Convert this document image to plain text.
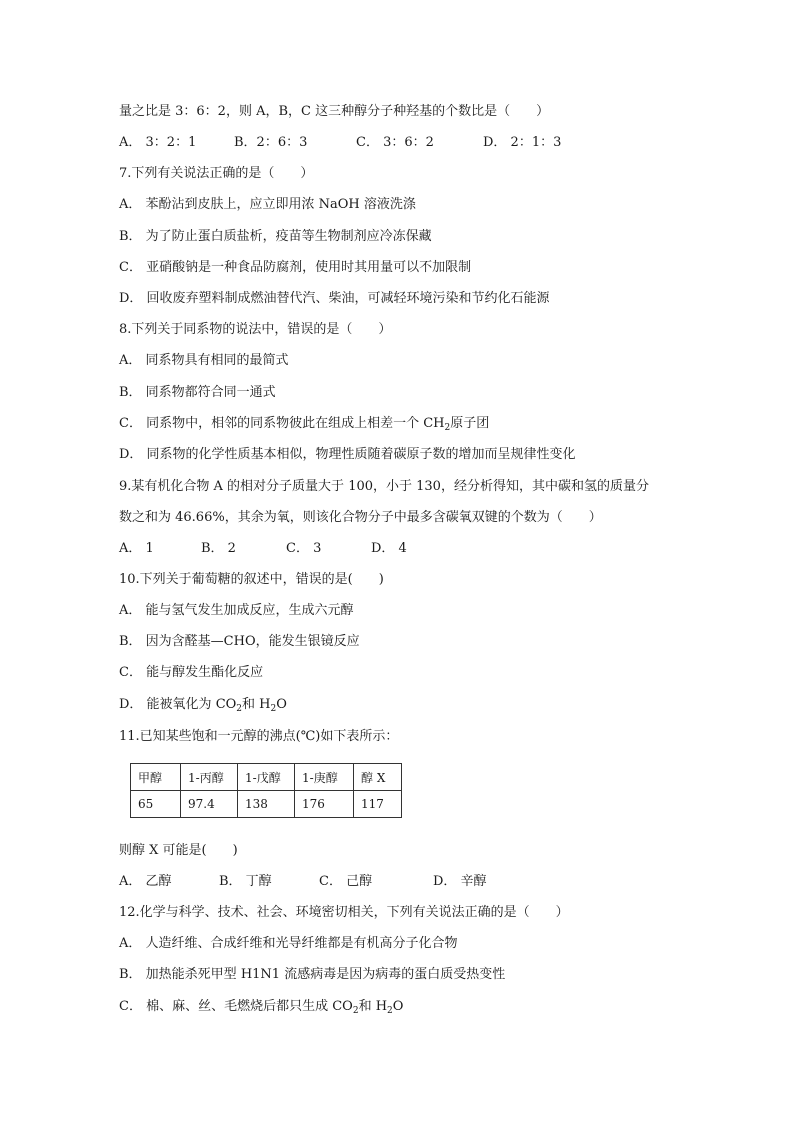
量之比是 3：6：2，则 A，B，C 这三种醇分子种羟基的个数比是（　　）
A． 3：2：1	B．2：6：3	C． 3：6：2	D． 2：1：3
7.下列有关说法正确的是（　　）
A． 苯酚沾到皮肤上，应立即用浓 NaOH 溶液洗涤
B． 为了防止蛋白质盐析，疫苗等生物制剂应冷冻保藏
C． 亚硝酸钠是一种食品防腐剂，使用时其用量可以不加限制
D． 回收废弃塑料制成燃油替代汽、柴油，可减轻环境污染和节约化石能源
8.下列关于同系物的说法中，错误的是（　　）
A． 同系物具有相同的最简式
B． 同系物都符合同一通式
C． 同系物中，相邻的同系物彼此在组成上相差一个 $CH_2$原子团
D． 同系物的化学性质基本相似，物理性质随着碳原子数的增加而呈规律性变化
9.某有机化合物 A 的相对分子质量大于 100，小于 130，经分析得知，其中碳和氢的质量分
数之和为 46.66%，其余为氧，则该化合物分子中最多含碳氧双键的个数为（　　）
A． 1	B． 2	C． 3	D． 4
10.下列关于葡萄糖的叙述中，错误的是(　　)
A． 能与氢气发生加成反应，生成六元醇
B． 因为含醛基—CHO，能发生银镜反应
C． 能与醇发生酯化反应
D． 能被氧化为 $CO_2$和 $H_2O$
11.已知某些饱和一元醇的沸点(℃)如下表所示：
甲醇	1-丙醇	1-戊醇	1-庚醇	醇 X
65	97.4	138	176	117
则醇 X 可能是(　　)
A． 乙醇	B． 丁醇	C． 己醇	D． 辛醇
12.化学与科学、技术、社会、环境密切相关，下列有关说法正确的是（　　）
A． 人造纤维、合成纤维和光导纤维都是有机高分子化合物
B． 加热能杀死甲型 H1N1 流感病毒是因为病毒的蛋白质受热变性
C． 棉、麻、丝、毛燃烧后都只生成 $CO_2$和 $H_2O$
